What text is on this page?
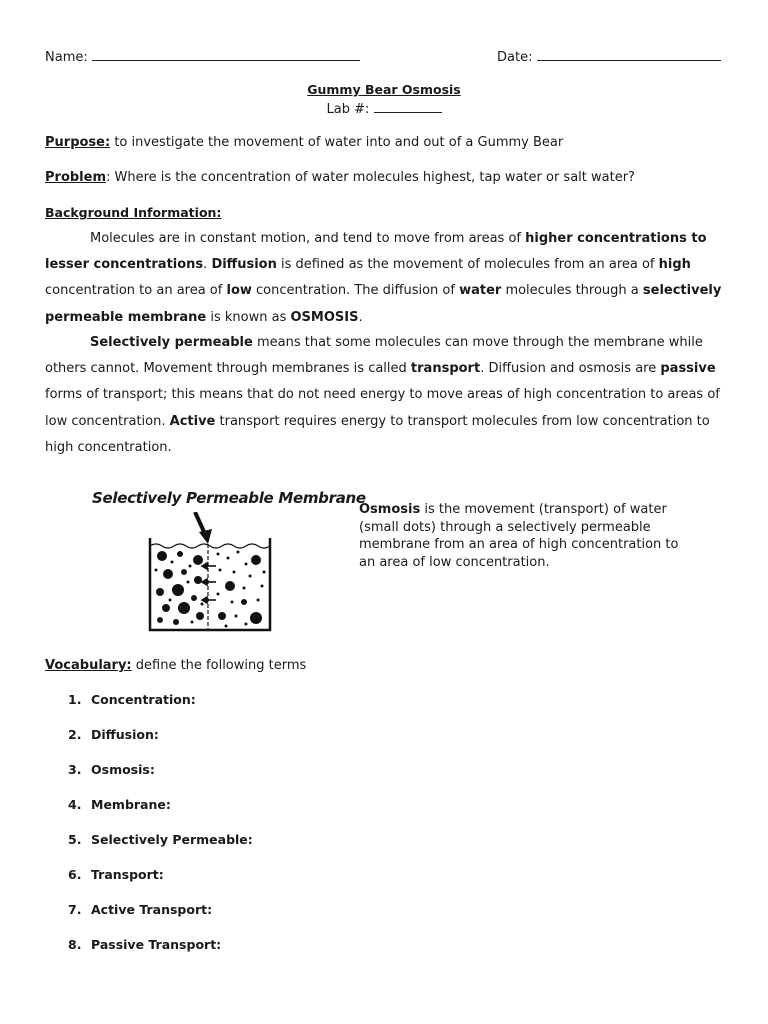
Name:	Date:
Gummy Bear Osmosis
Lab #:
Purpose: to investigate the movement of water into and out of a Gummy Bear
Problem: Where is the concentration of water molecules highest, tap water or salt water?
Background Information:
Molecules are in constant motion, and tend to move from areas of higher concentrations to lesser concentrations. Diffusion is defined as the movement of molecules from an area of high concentration to an area of low concentration. The diffusion of water molecules through a selectively permeable membrane is known as OSMOSIS.
Selectively permeable means that some molecules can move through the membrane while others cannot. Movement through membranes is called transport. Diffusion and osmosis are passive forms of transport; this means that do not need energy to move areas of high concentration to areas of low concentration. Active transport requires energy to transport molecules from low concentration to high concentration.
Selectively Permeable Membrane
Osmosis is the movement (transport) of water (small dots) through a selectively permeable membrane from an area of high concentration to an area of low concentration.
Vocabulary: define the following terms
1. Concentration:
2. Diffusion:
3. Osmosis:
4. Membrane:
5. Selectively Permeable:
6. Transport:
7. Active Transport:
8. Passive Transport:
